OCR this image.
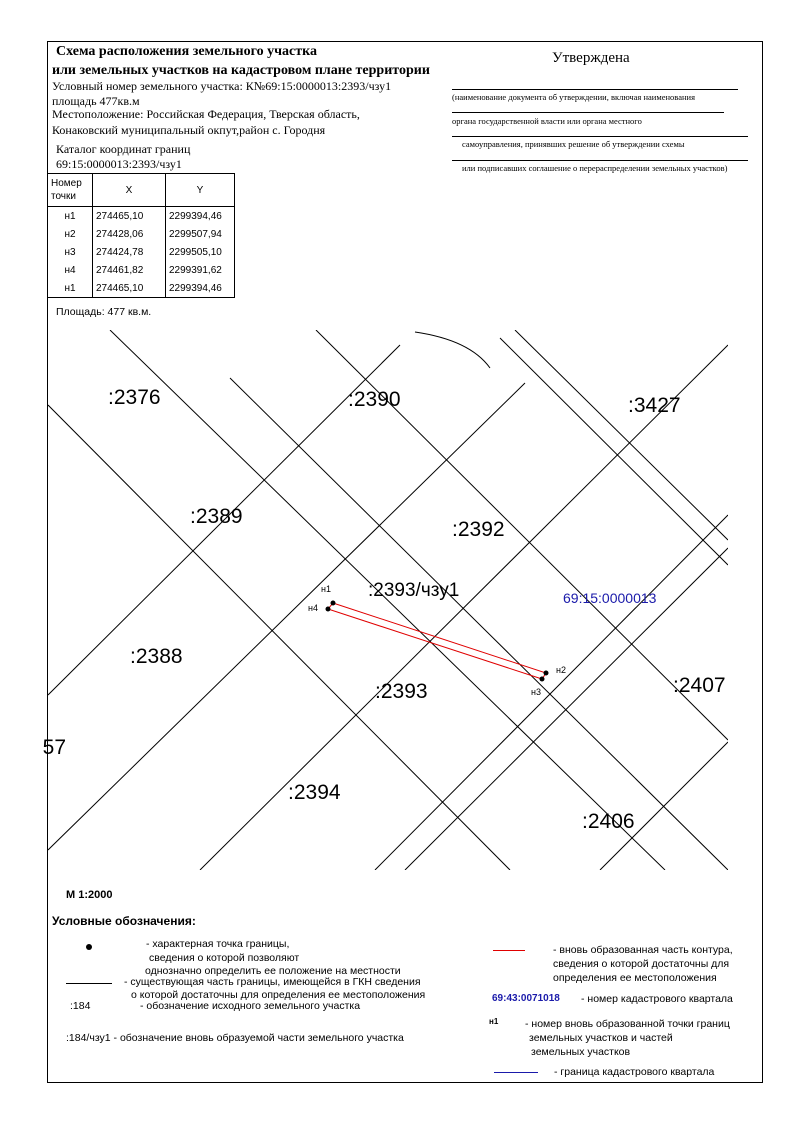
Схема расположения земельного участка
или земельных участков на кадастровом плане территории
Условный номер земельного участка: К№69:15:0000013:2393/чзу1
площадь 477кв.м
Местоположение: Российская Федерация, Тверская область,
Конаковский муниципальный окпут,район с. Городня
Каталог координат границ
69:15:0000013:2393/чзу1
Утверждена
(наименование документа об утверждении, включая наименования
органа государственной власти или органа местного
самоуправления, принявших решение об утверждении схемы
или подписавших соглашение о перераспределении земельных участков)
Номер
точки	X	Y
н1	274465,10	2299394,46
н2	274428,06	2299507,94
н3	274424,78	2299505,10
н4	274461,82	2299391,62
н1	274465,10	2299394,46
Площадь: 477 кв.м.
:2376	:2390	:3427
:2389
:2392
:2393/чзу1
:2388
:2393	:2407
57
:2394
:2406
69:15:0000013
н1
н4
н2
н3
М 1:2000
Условные обозначения:
- характерная точка границы,
сведения о которой позволяют
однозначно определить ее положение на местности
- существующая часть границы, имеющейся в ГКН сведения
о которой достаточны для определения ее местоположения
:184	- обозначение исходного земельного участка
:184/чзу1 - обозначение вновь образуемой части земельного участка
- вновь образованная часть контура,
сведения о которой достаточны для
определения ее местоположения
69:43:0071018 - номер кадастрового квартала
н1	- номер вновь образованной точки границ
земельных участков и частей
земельных участков
- граница кадастрового квартала
